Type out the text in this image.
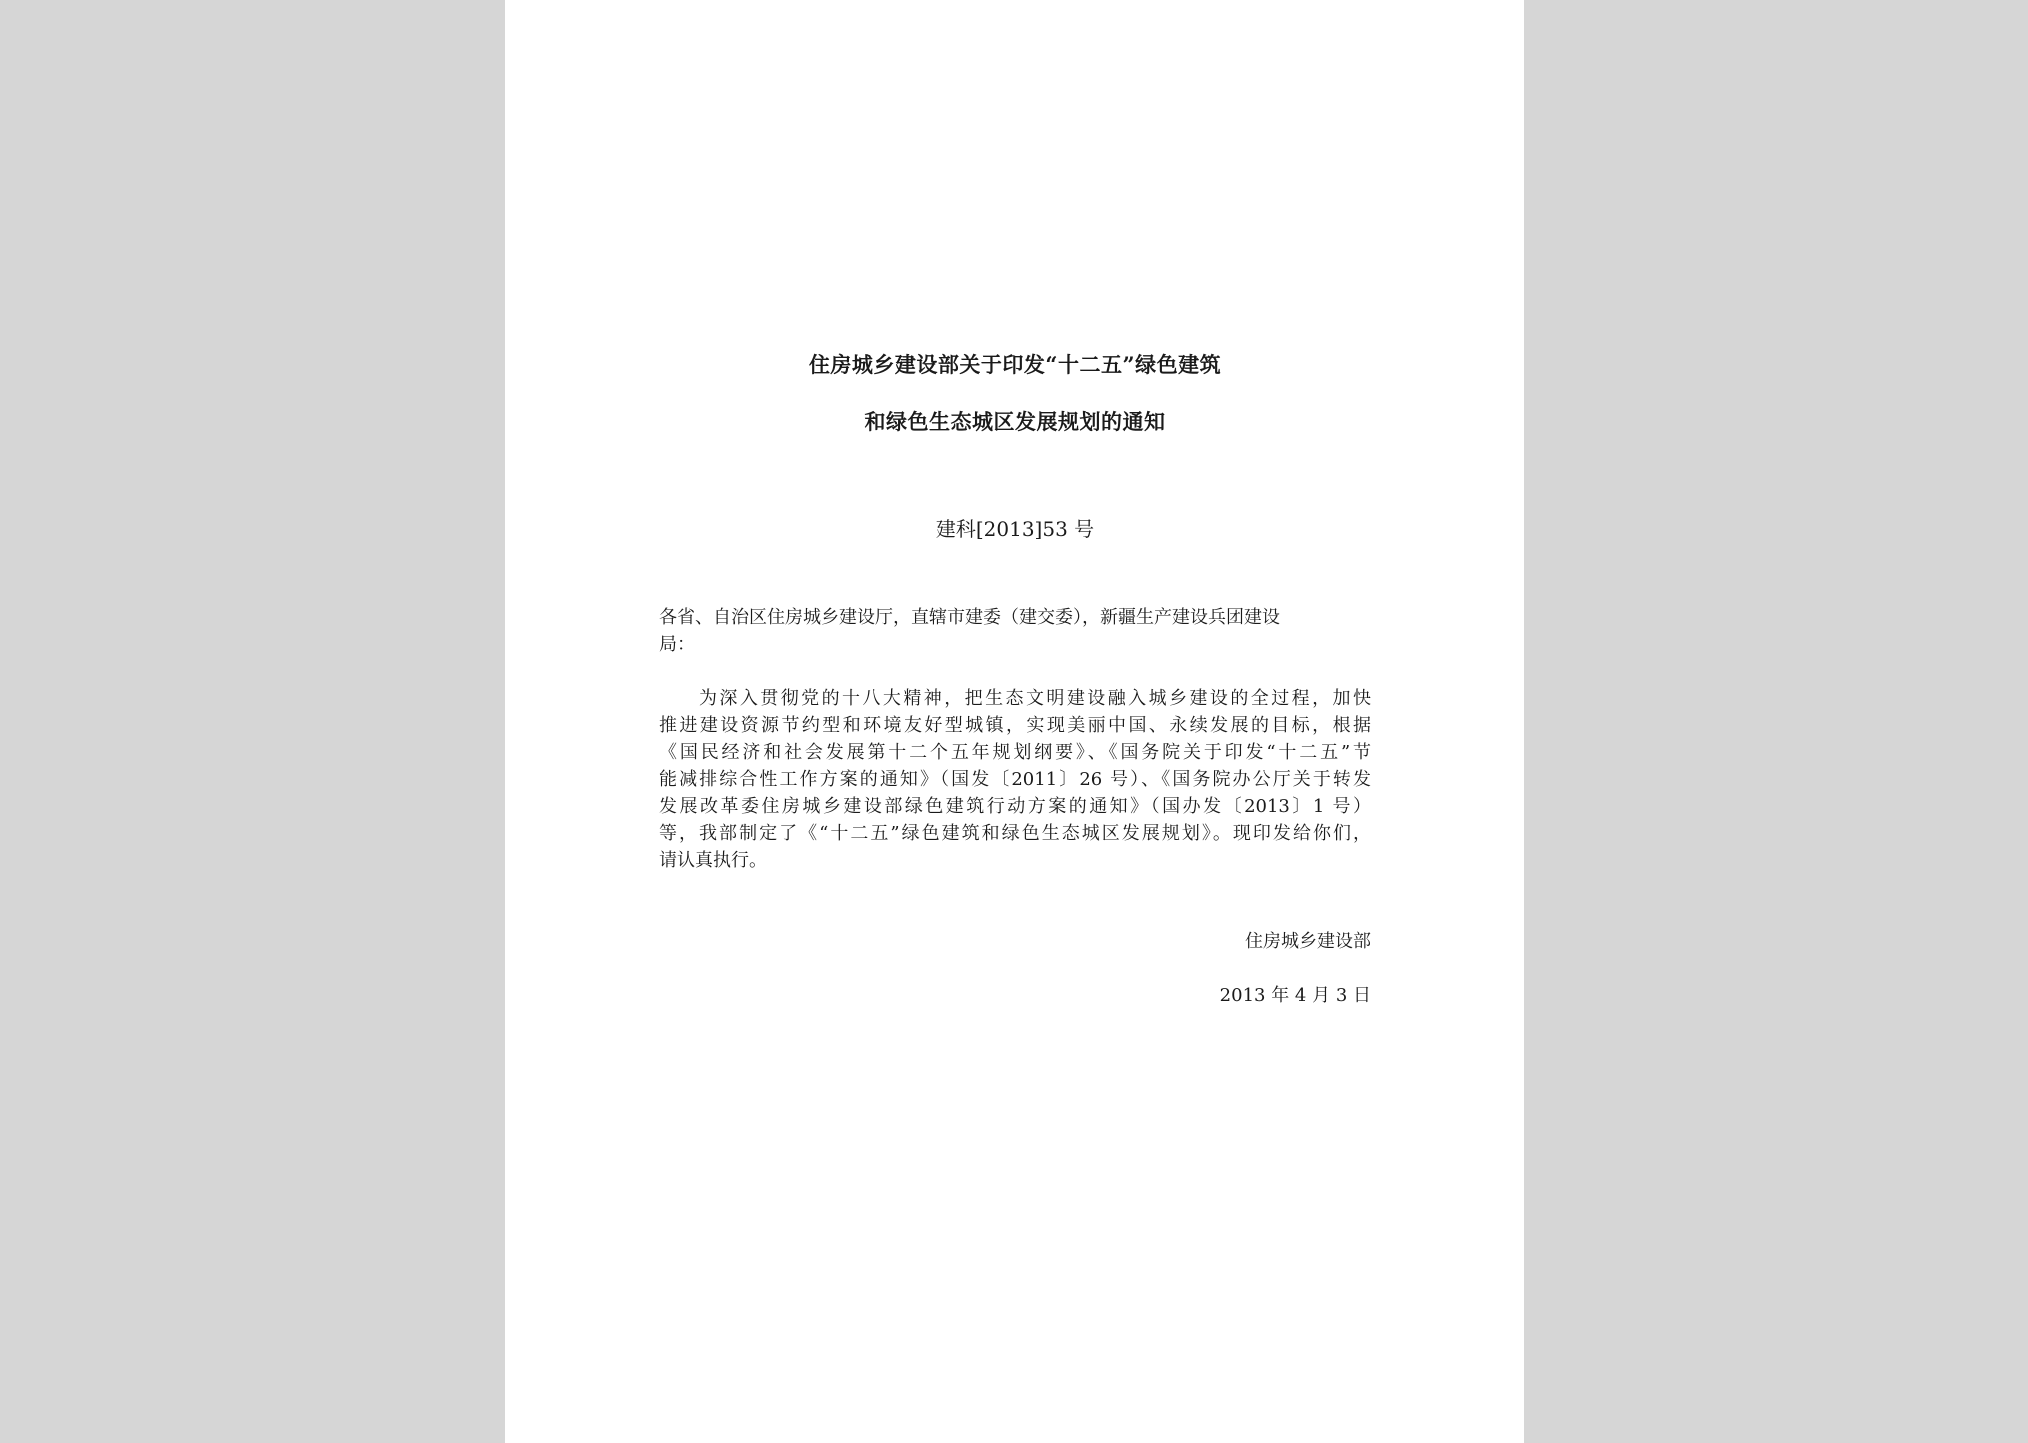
住房城乡建设部关于印发“十二五”绿色建筑
和绿色生态城区发展规划的通知
建科[2013]53 号
各省、自治区住房城乡建设厅，直辖市建委（建交委），新疆生产建设兵团建设
局：
为深入贯彻党的十八大精神，把生态文明建设融入城乡建设的全过程，加快
推进建设资源节约型和环境友好型城镇，实现美丽中国、永续发展的目标，根据
《国民经济和社会发展第十二个五年规划纲要》、《国务院关于印发“十二五”节
能减排综合性工作方案的通知》（国发〔2011〕26 号）、《国务院办公厅关于转发
发展改革委住房城乡建设部绿色建筑行动方案的通知》（国办发〔2013〕1 号）
等，我部制定了《“十二五”绿色建筑和绿色生态城区发展规划》。现印发给你们，
请认真执行。
住房城乡建设部
2013 年 4 月 3 日
